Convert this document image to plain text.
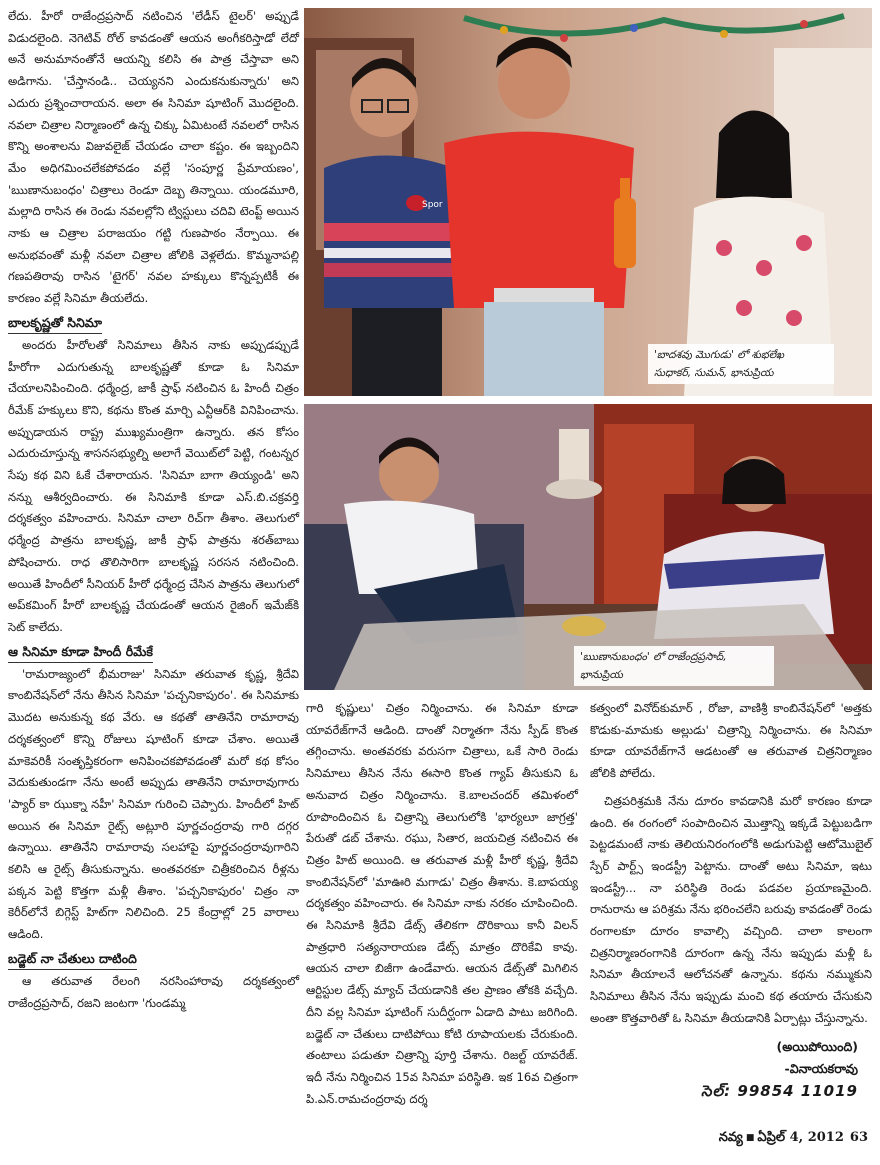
లేదు. హీరో రాజేంద్రప్రసాద్ నటించిన 'లేడీస్ టైలర్' అప్పుడే విడుదలైంది. నెగెటివ్ రోల్ కావడంతో ఆయన అంగీకరిస్తాడో లేదో అనే అనుమానంతోనే ఆయన్ని కలిసి ఈ పాత్ర చేస్తావా అని అడిగాను. 'చేస్తానండి.. చెయ్యనని ఎందుకనుకున్నారు' అని ఎదురు ప్రశ్నించారాయన. అలా ఈ సినిమా షూటింగ్ మొదలైంది. నవలా చిత్రాల నిర్మాణంలో ఉన్న చిక్కు ఏమిటంటే నవలలో రాసిన కొన్ని అంశాలను విజువలైజ్ చేయడం చాలా కష్టం. ఈ ఇబ్బందిని మేం అధిగమించలేకపోవడం వల్లే 'సంపూర్ణ ప్రేమాయణం', 'ఋణానుబంధం' చిత్రాలు రెండూ దెబ్బ తిన్నాయి. యండమూరి, మల్లాది రాసిన ఈ రెండు నవలల్లోని ట్విస్టులు చదివి టెంప్ట్ అయిన నాకు ఆ చిత్రాల పరాజయం గట్టి గుణపాఠం నేర్పాయి. ఈ అనుభవంతో మళ్లీ నవలా చిత్రాల జోలికి వెళ్లలేదు. కొమ్మనాపల్లి గణపతిరావు రాసిన 'టైగర్' నవల హక్కులు కొన్నప్పటికీ ఈ కారణం వల్లే సినిమా తీయలేదు.

బాలకృష్ణతో సినిమా

అందరు హీరోలతో సినిమాలు తీసిన నాకు అప్పుడప్పుడే హీరోగా ఎదుగుతున్న బాలకృష్ణతో కూడా ఓ సినిమా చేయాలనిపించింది. ధర్మేంద్ర, జాకీ ష్రాఫ్ నటించిన ఓ హిందీ చిత్రం రీమేక్ హక్కులు కొని, కథను కొంత మార్చి ఎన్టీఆర్‌కి వినిపించాను. అప్పుడాయన రాష్ట్ర ముఖ్యమంత్రిగా ఉన్నారు. తన కోసం ఎదురుచూస్తున్న శాసనసభ్యుల్ని అలాగే వెయిట్‌లో పెట్టి, గంటన్నర సేపు కథ విని ఓకే చేశారాయన. 'సినిమా బాగా తియ్యండి' అని నన్ను ఆశీర్వదించారు. ఈ సినిమాకి కూడా ఎస్.బి.చక్రవర్తి దర్శకత్వం వహించారు. సినిమా చాలా రిచ్‌గా తీశాం. తెలుగులో ధర్మేంద్ర పాత్రను బాలకృష్ణ, జాకీ ష్రాఫ్ పాత్రను శరత్‌బాబు పోషించారు. రాధ తొలిసారిగా బాలకృష్ణ సరసన నటించింది. అయితే హిందీలో సీనియర్ హీరో ధర్మేంద్ర చేసిన పాత్రను తెలుగులో అప్‌కమింగ్ హీరో బాలకృష్ణ చేయడంతో ఆయన రైజింగ్ ఇమేజ్‌కి సెట్ కాలేదు.

ఆ సినిమా కూడా హిందీ రీమేకే

'రామరాజ్యంలో భీమరాజు' సినిమా తరువాత కృష్ణ, శ్రీదేవి కాంబినేషన్‌లో నేను తీసిన సినిమా 'పచ్చనికాపురం'. ఈ సినిమాకు మొదట అనుకున్న కథ వేరు. ఆ కథతో తాతినేని రామారావు దర్శకత్వంలో కొన్ని రోజులు షూటింగ్ కూడా చేశాం. అయితే మాకెవరికీ సంతృప్తికరంగా అనిపించకపోవడంతో మరో కథ కోసం వెదుకుతుండగా నేను అంటే అప్పుడు తాతినేని రామారావుగారు 'ప్యార్ కా ఝుక్నా నహీ' సినిమా గురించి చెప్పారు. హిందీలో హిట్ అయిన ఈ సినిమా రైట్స్ అట్లూరి పూర్ణచంద్రరావు గారి దగ్గర ఉన్నాయి. తాతినేని రామారావు సలహాపై పూర్ణచంద్రరావుగారిని కలిసి ఆ రైట్స్ తీసుకున్నాను. అంతవరకూ చిత్రీకరించిన రీళ్లను పక్కన పెట్టి కొత్తగా మళ్లీ తీశాం. 'పచ్చనికాపురం' చిత్రం నా కెరీర్‌లోనే బిగ్గెస్ట్ హిట్‌గా నిలిచింది. 25 కేంద్రాల్లో 25 వారాలు ఆడింది.

బడ్జెట్ నా చేతులు దాటింది

ఆ తరువాత రేలంగి నరసింహారావు దర్శకత్వంలో రాజేంద్రప్రసాద్, రజని జంటగా 'గుండమ్మ

Spor
'బాదశవు మొగుడు' లో శుభలేఖ
సుధాకర్, సుమన్, భానుప్రియ
'ఋణానుబంధం' లో రాజేంద్రప్రసాద్,
భానుప్రియ

గారి కృష్ణులు' చిత్రం నిర్మించాను. ఈ సినిమా కూడా యావరేజ్‌గానే ఆడింది. దాంతో నిర్మాతగా నేను స్పీడ్ కొంత తగ్గించాను. అంతవరకు వరుసగా చిత్రాలు, ఒకే సారి రెండు సినిమాలు తీసిన నేను ఈసారి కొంత గ్యాప్ తీసుకుని ఓ అనువాద చిత్రం నిర్మించాను. కె.బాలచందర్ తమిళంలో రూపొందించిన ఓ చిత్రాన్ని తెలుగులోకి 'భార్యలూ జాగ్రత్త' పేరుతో డబ్ చేశాను. రఘు, సితార, జయచిత్ర నటించిన ఈ చిత్రం హిట్ అయింది. ఆ తరువాత మళ్లీ హీరో కృష్ణ, శ్రీదేవి కాంబినేషన్‌లో 'మాఊరి మగాడు' చిత్రం తీశాను. కె.బాపయ్య దర్శకత్వం వహించారు. ఈ సినిమా నాకు నరకం చూపించింది. ఈ సినిమాకి శ్రీదేవి డేట్స్ తేలికగా దొరికాయి కానీ విలన్ పాత్రధారి సత్యనారాయణ డేట్స్ మాత్రం దొరికేవి కావు. ఆయన చాలా బిజీగా ఉండేవారు. ఆయన డేట్స్‌తో మిగిలిన ఆర్టిస్టుల డేట్స్ మ్యాచ్ చేయడానికి తల ప్రాణం తోకకి వచ్చేది. దీని వల్ల సినిమా షూటింగ్ సుదీర్ఘంగా ఏడాది పాటు జరిగింది. బడ్జెట్ నా చేతులు దాటిపోయి కోటి రూపాయలకు చేరుకుంది. తంటాలు పడుతూ చిత్రాన్ని పూర్తి చేశాను. రిజల్ట్ యావరేజ్. ఇదీ నేను నిర్మించిన 15వ సినిమా పరిస్థితి. ఇక 16వ చిత్రంగా పి.ఎన్.రామచంద్రరావు దర్శ

కత్వంలో వినోద్‌కుమార్ , రోజా, వాణిశ్రీ కాంబినేషన్‌లో 'అత్తకు కొడుకు-మామకు అల్లుడు' చిత్రాన్ని నిర్మించాను. ఈ సినిమా కూడా యావరేజ్‌గానే ఆడటంతో ఆ తరువాత చిత్రనిర్మాణం జోలికి పోలేదు.

చిత్రపరిశ్రమకి నేను దూరం కావడానికి మరో కారణం కూడా ఉంది. ఈ రంగంలో సంపాదించిన మొత్తాన్ని ఇక్కడే పెట్టుబడిగా పెట్టడమంటే నాకు తెలియనిరంగంలోకి అడుగుపెట్టి ఆటోమొబైల్ స్పేర్ పార్ట్స్ ఇండస్ట్రీ పెట్టాను. దాంతో అటు సినిమా, ఇటు ఇండస్ట్రీ... నా పరిస్థితి రెండు పడవల ప్రయాణమైంది. రానురాను ఆ పరిశ్రమ నేను భరించలేని బరువు కావడంతో రెండు రంగాలకూ దూరం కావాల్సి వచ్చింది. చాలా కాలంగా చిత్రనిర్మాణరంగానికి దూరంగా ఉన్న నేను ఇప్పుడు మళ్లీ ఓ సినిమా తీయాలనే ఆలోచనతో ఉన్నాను. కథను నమ్ముకుని సినిమాలు తీసిన నేను ఇప్పుడు మంచి కథ తయారు చేసుకుని అంతా కొత్తవారితో ఓ సినిమా తీయడానికి ఏర్పాట్లు చేస్తున్నాను.

(అయిపోయింది)
-వినాయకరావు
సెల్: 99854 11019
నవ్య ■ ఏప్రిల్ 4, 2012 63
